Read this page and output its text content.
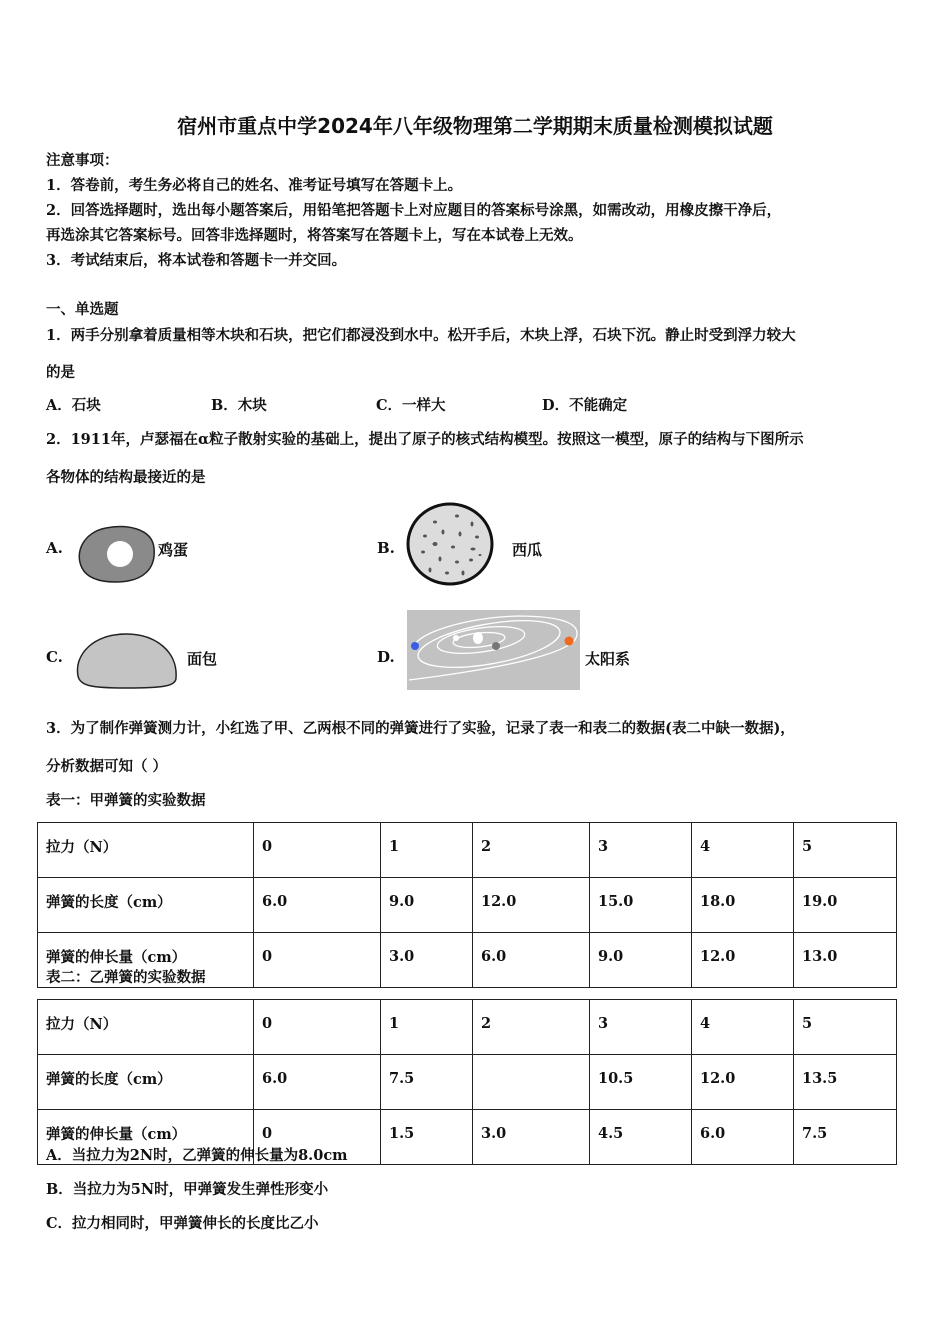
宿州市重点中学2024年八年级物理第二学期期末质量检测模拟试题
注意事项：
1．答卷前，考生务必将自己的姓名、准考证号填写在答题卡上。
2．回答选择题时，选出每小题答案后，用铅笔把答题卡上对应题目的答案标号涂黑，如需改动，用橡皮擦干净后，
再选涂其它答案标号。回答非选择题时，将答案写在答题卡上，写在本试卷上无效。
3．考试结束后，将本试卷和答题卡一并交回。
一、单选题
1．两手分别拿着质量相等木块和石块，把它们都浸没到水中。松开手后，木块上浮，石块下沉。静止时受到浮力较大
的是
A．石块	B．木块	C．一样大	D．不能确定
2．1911年，卢瑟福在α粒子散射实验的基础上，提出了原子的核式结构模型。按照这一模型，原子的结构与下图所示
各物体的结构最接近的是
A.	鸡蛋	B.	西瓜
C.	面包	D.	太阳系
3．为了制作弹簧测力计，小红选了甲、乙两根不同的弹簧进行了实验，记录了表一和表二的数据(表二中缺一数据)，
分析数据可知（ ）
表一：甲弹簧的实验数据
拉力（N）	0	1	2	3	4	5
弹簧的长度（cm）	6.0	9.0	12.0	15.0	18.0	19.0
弹簧的伸长量（cm）	0	3.0	6.0	9.0	12.0	13.0
表二：乙弹簧的实验数据
拉力（N）	0	1	2	3	4	5
弹簧的长度（cm）	6.0	7.5		10.5	12.0	13.5
弹簧的伸长量（cm）	0	1.5	3.0	4.5	6.0	7.5
A．当拉力为2N时，乙弹簧的伸长量为8.0cm
B．当拉力为5N时，甲弹簧发生弹性形变小
C．拉力相同时，甲弹簧伸长的长度比乙小
